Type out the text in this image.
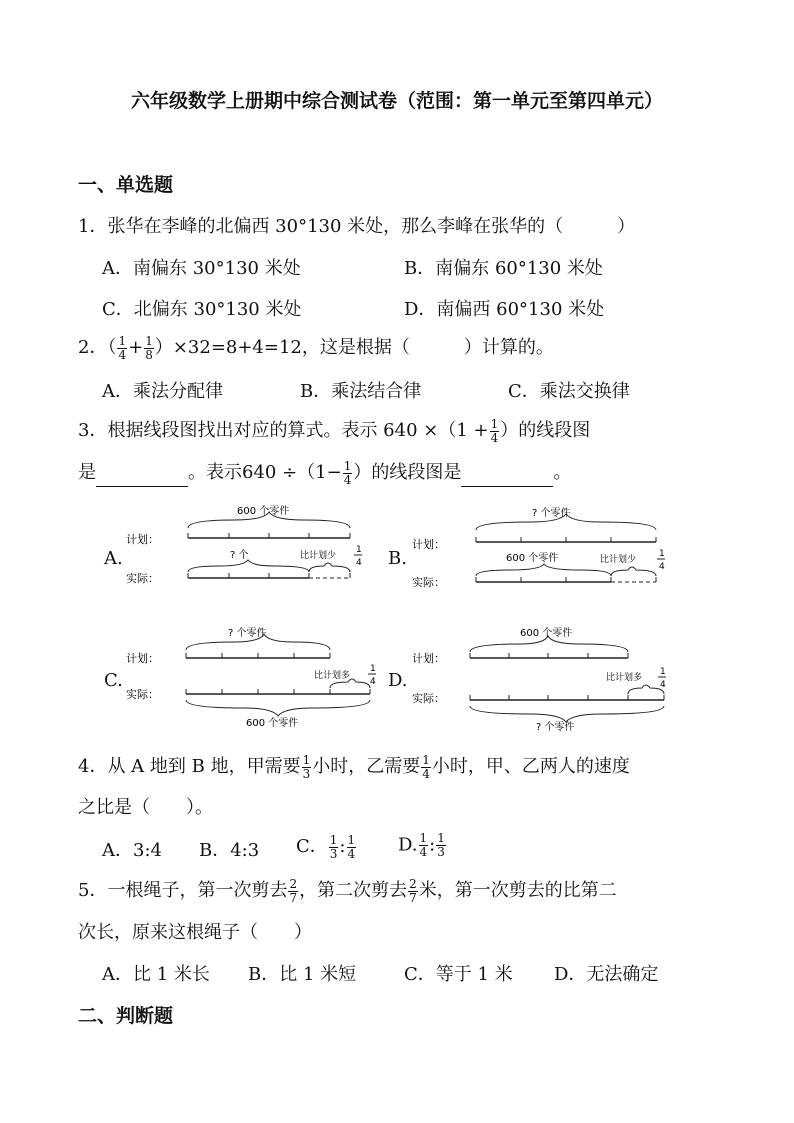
六年级数学上册期中综合测试卷（范围：第一单元至第四单元）
一、单选题
1．张华在李峰的北偏西 30°130 米处，那么李峰在张华的（　　　）
A．南偏东 30°130 米处	B．南偏东 60°130 米处
C．北偏东 30°130 米处	D．南偏西 60°130 米处
2．（ $\frac{1}{4} + \frac{1}{8} )\times 32=8+4=12$，这是根据（　　　）计算的。
A．乘法分配律	B．乘法结合律	C．乘法交换律
3．根据线段图找出对应的算式。表示 $640 \times(1 + \frac{1}{4}$ ）的线段图
是	。表示$640 \div(1- \frac{1}{4}$ ）的线段图是	。
A.	B.
C.	D.
计划：
实际：
600 个零件
? 个	比计划少
1
4
计划：
实际：
? 个零件
600 个零件	比计划少
1
4
计划：
实际：
? 个零件
比计划多
1
4
600 个零件
计划：
实际：
600 个零件
比计划多
1
4
? 个零件
4．从 A 地到 B 地，甲需要 $\frac{1}{3}$ 小时，乙需要 $\frac{1}{4}$ 小时，甲、乙两人的速度
之比是（　　）。
A．3:4 B．4:3 C． $\frac{1}{3}$ : $\frac{1}{4} D$. $\frac{1}{4}$ : $\frac{1}{3}$
5．一根绳子，第一次剪去 $\frac{2}{7}$ ，第二次剪去 $\frac{2}{7}$ 米，第一次剪去的比第二
次长，原来这根绳子（　　）
A．比 1 米长 B．比 1 米短	C．等于 1 米 D．无法确定
二、判断题
